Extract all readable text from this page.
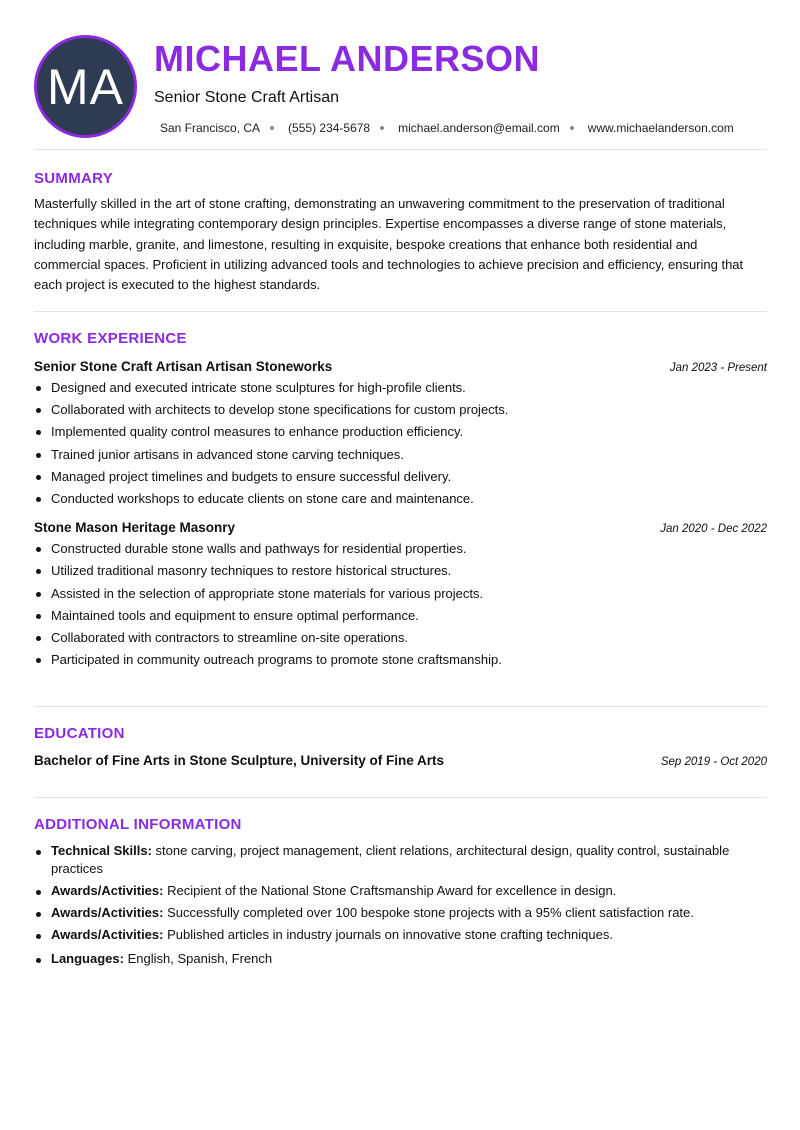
MA MICHAEL ANDERSON
Senior Stone Craft Artisan
San Francisco, CA (555) 234-5678 michael.anderson@email.com www.michaelanderson.com
SUMMARY

Masterfully skilled in the art of stone crafting, demonstrating an unwavering commitment to the preservation of traditional techniques while integrating contemporary design principles. Expertise encompasses a diverse range of stone materials, including marble, granite, and limestone, resulting in exquisite, bespoke creations that enhance both residential and commercial spaces. Proficient in utilizing advanced tools and technologies to achieve precision and efficiency, ensuring that each project is executed to the highest standards.

WORK EXPERIENCE
Senior Stone Craft Artisan Artisan Stoneworks	Jan 2023 - Present
Designed and executed intricate stone sculptures for high-profile clients.
Collaborated with architects to develop stone specifications for custom projects.
Implemented quality control measures to enhance production efficiency.
Trained junior artisans in advanced stone carving techniques.
Managed project timelines and budgets to ensure successful delivery.
Conducted workshops to educate clients on stone care and maintenance.
Stone Mason Heritage Masonry	Jan 2020 - Dec 2022
Constructed durable stone walls and pathways for residential properties.
Utilized traditional masonry techniques to restore historical structures.
Assisted in the selection of appropriate stone materials for various projects.
Maintained tools and equipment to ensure optimal performance.
Collaborated with contractors to streamline on-site operations.
Participated in community outreach programs to promote stone craftsmanship.
EDUCATION
Bachelor of Fine Arts in Stone Sculpture, University of Fine Arts	Sep 2019 - Oct 2020
ADDITIONAL INFORMATION
Technical Skills: stone carving, project management, client relations, architectural design, quality control, sustainable practices
Awards/Activities: Recipient of the National Stone Craftsmanship Award for excellence in design.
Awards/Activities: Successfully completed over 100 bespoke stone projects with a 95% client satisfaction rate.
Awards/Activities: Published articles in industry journals on innovative stone crafting techniques.
Languages: English, Spanish, French
